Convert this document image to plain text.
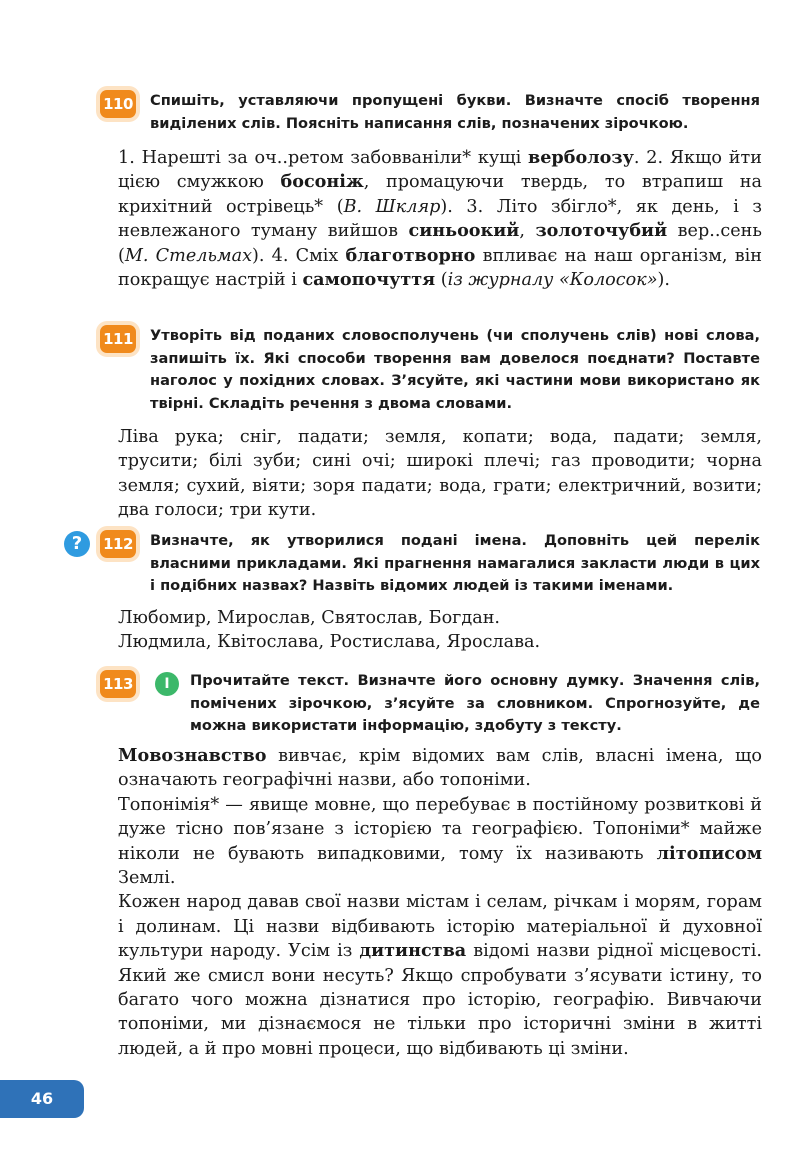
110 Спишіть, уставляючи пропущені букви. Визначте спосіб творення виділених слів. Поясніть написання слів, позначених зірочкою.

1. Нарешті за оч..ретом забовваніли* кущі верболозу. 2. Якщо йти цією смужкою босоніж, промацуючи твердь, то втрапиш на крихітний острівець* (В. Шкляр). 3. Літо збігло*, як день, і з невлежаного туману вийшов синьоокий, золоточубий вер..сень (М. Стельмах). 4. Сміх благотворно впливає на наш організм, він покращує настрій і самопочуття (із журналу «Колосок»).

111 Утворіть від поданих словосполучень (чи сполучень слів) нові слова, запишіть їх. Які способи творення вам довелося поєднати? Поставте наголос у похідних словах. З’ясуйте, які частини мови використано як твірні. Складіть речення з двома словами.

Ліва рука; сніг, падати; земля, копати; вода, падати; земля, трусити; білі зуби; сині очі; широкі плечі; газ проводити; чорна земля; сухий, віяти; зоря падати; вода, грати; електричний, возити; два голоси; три кути.

?	112 Визначте, як утворилися подані імена. Доповніть цей перелік власними прикладами. Які прагнення намагалися закласти люди в цих і подібних назвах? Назвіть відомих людей із такими іменами.

Любомир, Мирослав, Святослав, Богдан.

Людмила, Квітослава, Ростислава, Ярослава.

113	I	Прочитайте текст. Визначте його основну думку. Значення слів, помічених зірочкою, з’ясуйте за словником. Спрогнозуйте, де можна використати інформацію, здобуту з тексту.

Мовознавство вивчає, крім відомих вам слів, власні імена, що означають географічні назви, або топоніми.

Топонімія* — явище мовне, що перебуває в постійному розвиткові й дуже тісно пов’язане з історією та географією. Топоніми* майже ніколи не бувають випадковими, тому їх називають літописом Землі.

Кожен народ давав свої назви містам і селам, річкам і морям, горам і долинам. Ці назви відбивають історію матеріальної й духовної культури народу. Усім із дитинства відомі назви рідної місцевості. Який же смисл вони несуть? Якщо спробувати з’ясувати істину, то багато чого можна дізнатися про історію, географію. Вивчаючи топоніми, ми дізнаємося не тільки про історичні зміни в житті людей, а й про мовні процеси, що відбивають ці зміни.

46
